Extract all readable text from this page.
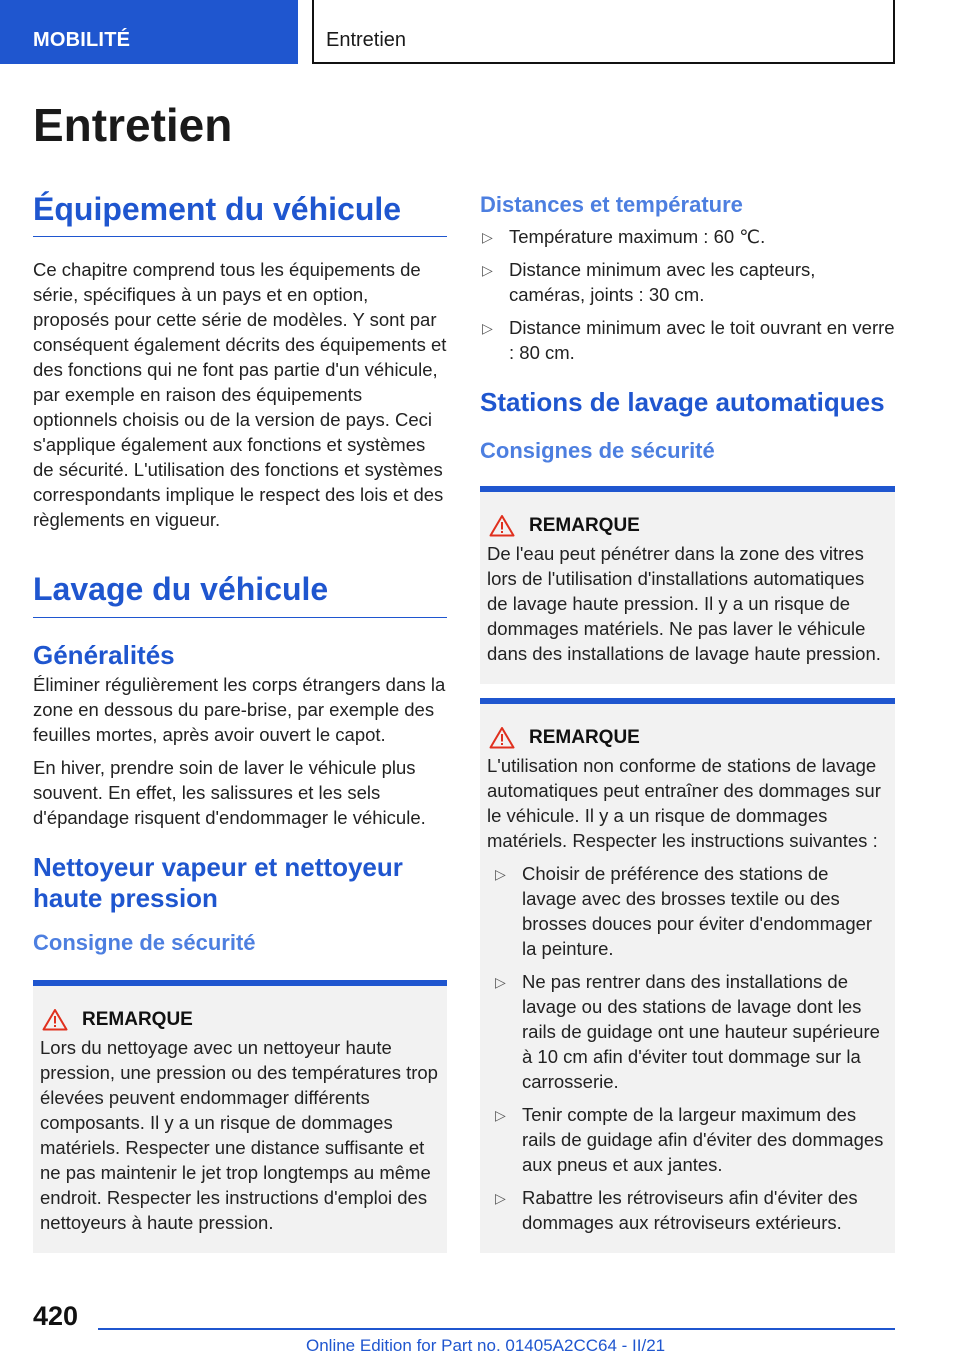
MOBILITÉ	Entretien
Entretien
Équipement du véhicule

Ce chapitre comprend tous les équipements de série, spécifiques à un pays et en option, proposés pour cette série de modèles. Y sont par conséquent également décrits des équipements et des fonctions qui ne font pas partie d'un véhicule, par exemple en raison des équipements optionnels choisis ou de la version de pays. Ceci s'applique également aux fonctions et systèmes de sécurité. L'utilisation des fonctions et systèmes correspondants implique le respect des lois et des règlements en vigueur.

Lavage du véhicule
Généralités

Éliminer régulièrement les corps étrangers dans la zone en dessous du pare-brise, par exemple des feuilles mortes, après avoir ouvert le capot.

En hiver, prendre soin de laver le véhicule plus souvent. En effet, les salissures et les sels d'épandage risquent d'endommager le véhicule.

Nettoyeur vapeur et nettoyeur haute pression
Consigne de sécurité
REMARQUE

Lors du nettoyage avec un nettoyeur haute pression, une pression ou des températures trop élevées peuvent endommager différents composants. Il y a un risque de dommages matériels. Respecter une distance suffisante et ne pas maintenir le jet trop longtemps au même endroit. Respecter les instructions d'emploi des nettoyeurs à haute pression.

Distances et température
▷ Température maximum : 60 ℃.
▷ Distance minimum avec les capteurs, caméras, joints : 30 cm.
▷ Distance minimum avec le toit ouvrant en verre : 80 cm.
Stations de lavage automatiques
Consignes de sécurité
REMARQUE

De l'eau peut pénétrer dans la zone des vitres lors de l'utilisation d'installations automatiques de lavage haute pression. Il y a un risque de dommages matériels. Ne pas laver le véhicule dans des installations de lavage haute pression.

REMARQUE

L'utilisation non conforme de stations de lavage automatiques peut entraîner des dommages sur le véhicule. Il y a un risque de dommages matériels. Respecter les instructions suivantes :

▷ Choisir de préférence des stations de lavage avec des brosses textile ou des brosses douces pour éviter d'endommager la peinture.
▷ Ne pas rentrer dans des installations de lavage ou des stations de lavage dont les rails de guidage ont une hauteur supérieure à 10 cm afin d'éviter tout dommage sur la carrosserie.
▷ Tenir compte de la largeur maximum des rails de guidage afin d'éviter des dommages aux pneus et aux jantes.
▷ Rabattre les rétroviseurs afin d'éviter des dommages aux rétroviseurs extérieurs.
420
Online Edition for Part no. 01405A2CC64 - II/21
